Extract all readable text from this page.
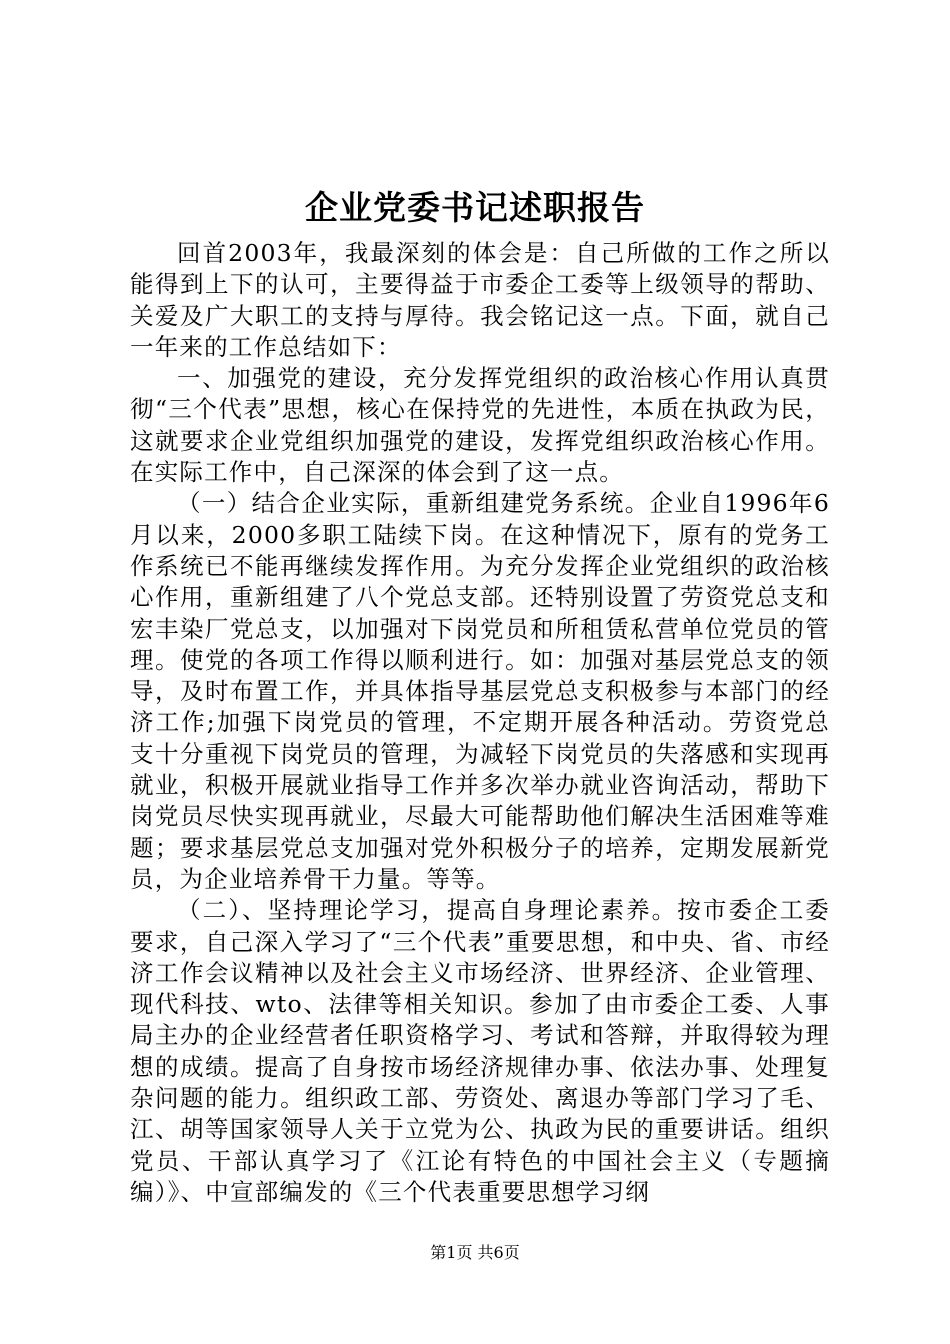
企业党委书记述职报告

回首2003年，我最深刻的体会是：自己所做的工作之所以能得到上下的认可，主要得益于市委企工委等上级领导的帮助、关爱及广大职工的支持与厚待。我会铭记这一点。下面，就自己一年来的工作总结如下：

一、加强党的建设，充分发挥党组织的政治核心作用认真贯彻“三个代表”思想，核心在保持党的先进性，本质在执政为民，这就要求企业党组织加强党的建设，发挥党组织政治核心作用。在实际工作中，自己深深的体会到了这一点。

（一）结合企业实际，重新组建党务系统。企业自1996年6月以来，2000多职工陆续下岗。在这种情况下，原有的党务工作系统已不能再继续发挥作用。为充分发挥企业党组织的政治核心作用，重新组建了八个党总支部。还特别设置了劳资党总支和宏丰染厂党总支，以加强对下岗党员和所租赁私营单位党员的管理。使党的各项工作得以顺利进行。如：加强对基层党总支的领导，及时布置工作，并具体指导基层党总支积极参与本部门的经济工作;加强下岗党员的管理，不定期开展各种活动。劳资党总支十分重视下岗党员的管理，为减轻下岗党员的失落感和实现再就业，积极开展就业指导工作并多次举办就业咨询活动，帮助下岗党员尽快实现再就业，尽最大可能帮助他们解决生活困难等难题；要求基层党总支加强对党外积极分子的培养，定期发展新党员，为企业培养骨干力量。等等。

（二）、坚持理论学习，提高自身理论素养。按市委企工委要求，自己深入学习了“三个代表”重要思想，和中央、省、市经济工作会议精神以及社会主义市场经济、世界经济、企业管理、现代科技、wto、法律等相关知识。参加了由市委企工委、人事局主办的企业经营者任职资格学习、考试和答辩，并取得较为理想的成绩。提高了自身按市场经济规律办事、依法办事、处理复杂问题的能力。组织政工部、劳资处、离退办等部门学习了毛、江、胡等国家领导人关于立党为公、执政为民的重要讲话。组织党员、干部认真学习了《江论有特色的中国社会主义（专题摘编）》、中宣部编发的《三个代表重要思想学习纲

第1页 共6页
